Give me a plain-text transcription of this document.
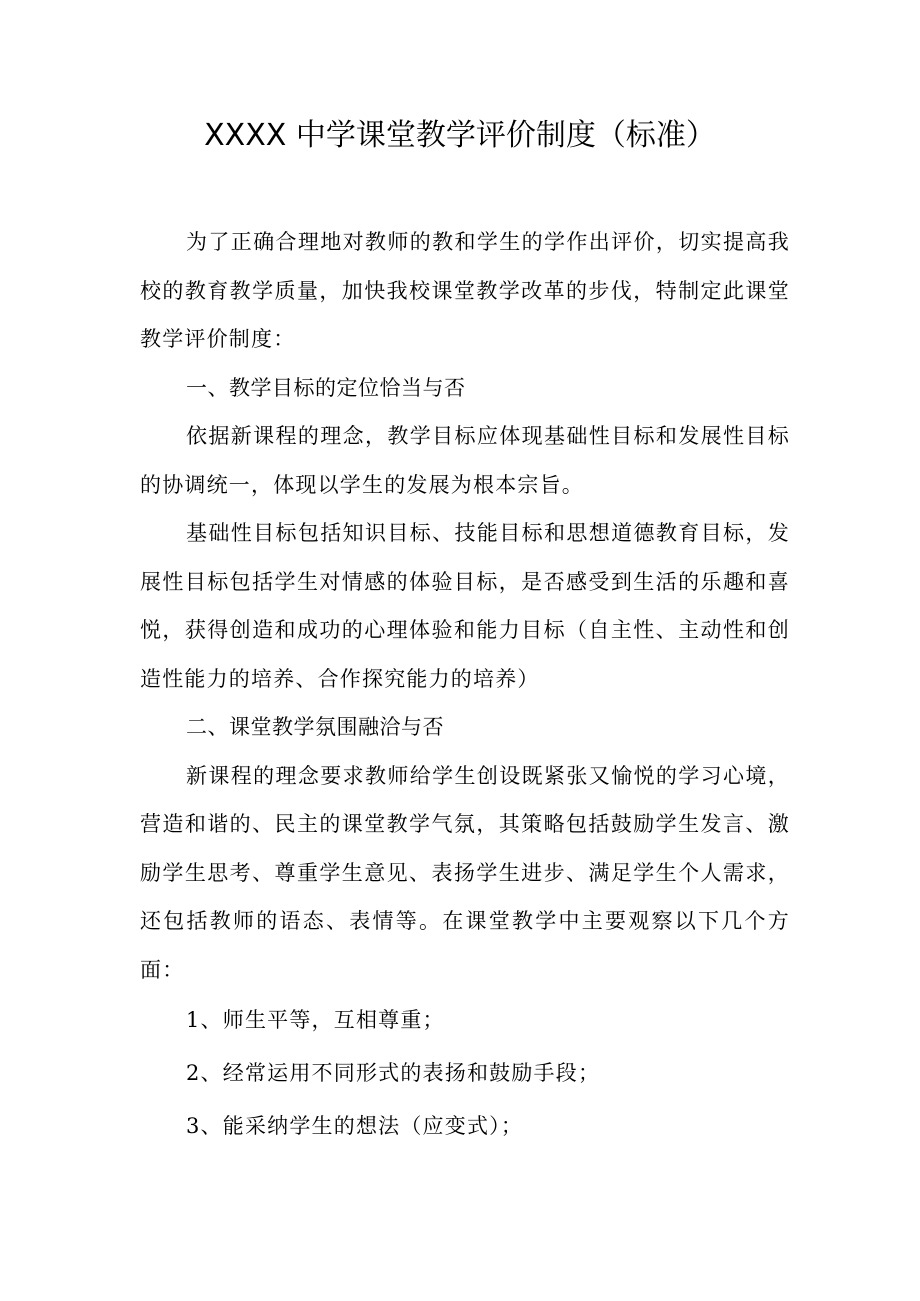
XXXX 中学课堂教学评价制度（标准）

为了正确合理地对教师的教和学生的学作出评价，切实提高我校的教育教学质量，加快我校课堂教学改革的步伐，特制定此课堂教学评价制度：

一、教学目标的定位恰当与否

依据新课程的理念，教学目标应体现基础性目标和发展性目标的协调统一，体现以学生的发展为根本宗旨。

基础性目标包括知识目标、技能目标和思想道德教育目标，发展性目标包括学生对情感的体验目标，是否感受到生活的乐趣和喜悦，获得创造和成功的心理体验和能力目标（自主性、主动性和创造性能力的培养、合作探究能力的培养）

二、课堂教学氛围融洽与否

新课程的理念要求教师给学生创设既紧张又愉悦的学习心境，营造和谐的、民主的课堂教学气氛，其策略包括鼓励学生发言、激励学生思考、尊重学生意见、表扬学生进步、满足学生个人需求，还包括教师的语态、表情等。在课堂教学中主要观察以下几个方面：

1、师生平等，互相尊重；

2、经常运用不同形式的表扬和鼓励手段；

3、能采纳学生的想法（应变式）；
